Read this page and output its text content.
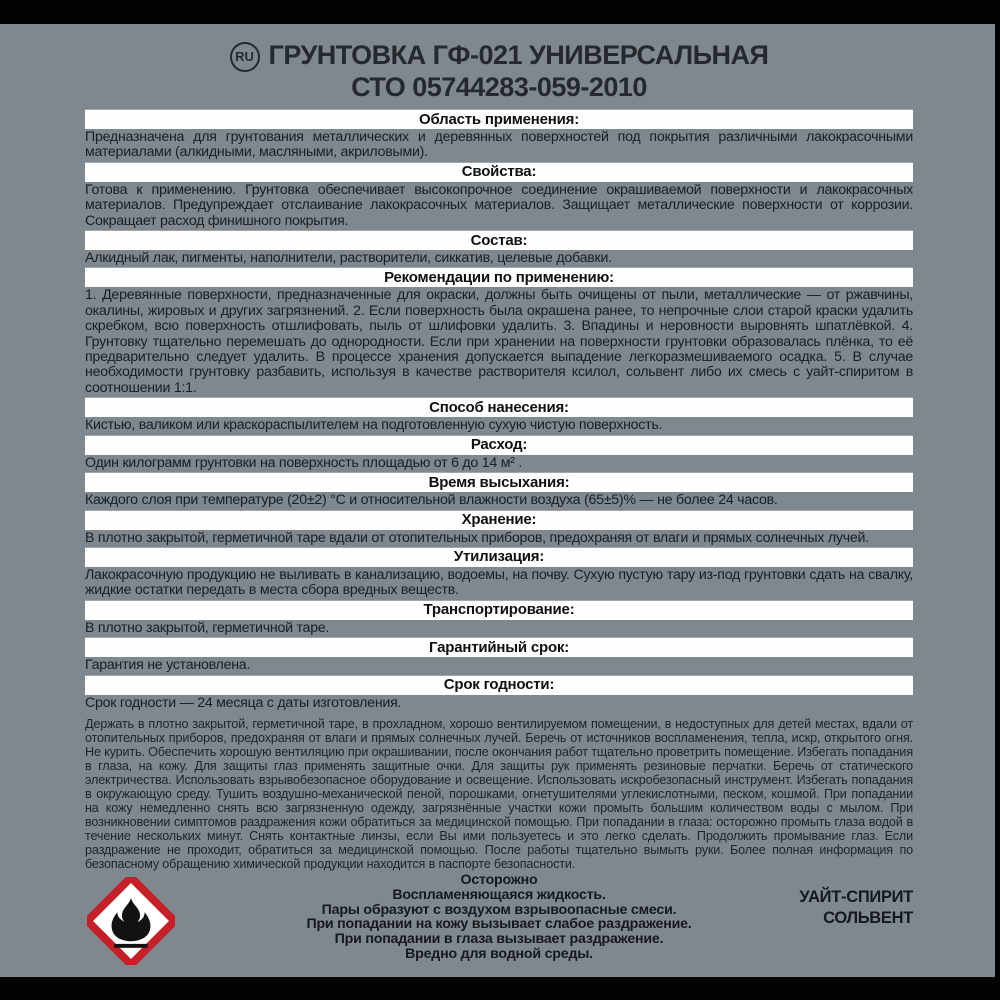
RU ГРУНТОВКА ГФ-021 УНИВЕРСАЛЬНАЯ
СТО 05744283-059-2010
Область применения:
Предназначена для грунтования металлических и деревянных поверхностей под покрытия различными лакокрасочными материалами (алкидными, масляными, акриловыми).
Свойства:
Готова к применению. Грунтовка обеспечивает высокопрочное соединение окрашиваемой поверхности и лакокрасочных материалов. Предупреждает отслаивание лакокрасочных материалов. Защищает металлические поверхности от коррозии. Сокращает расход финишного покрытия.
Состав:
Алкидный лак, пигменты, наполнители, растворители, сиккатив, целевые добавки.
Рекомендации по применению:
1. Деревянные поверхности, предназначенные для окраски, должны быть очищены от пыли, металлические — от ржавчины, окалины, жировых и других загрязнений. 2. Если поверхность была окрашена ранее, то непрочные слои старой краски удалить скребком, всю поверхность отшлифовать, пыль от шлифовки удалить. 3. Впадины и неровности выровнять шпатлёвкой. 4. Грунтовку тщательно перемешать до однородности. Если при хранении на поверхности грунтовки образовалась плёнка, то её предварительно следует удалить. В процессе хранения допускается выпадение легкоразмешиваемого осадка. 5. В случае необходимости грунтовку разбавить, используя в качестве растворителя ксилол, сольвент либо их смесь с уайт-спиритом в соотношении 1:1.
Способ нанесения:
Кистью, валиком или краскораспылителем на подготовленную сухую чистую поверхность.
Расход:
Один килограмм грунтовки на поверхность площадью от 6 до 14 м² .
Время высыхания:
Каждого слоя при температуре (20±2) °С и относительной влажности воздуха (65±5)% — не более 24 часов.
Хранение:
В плотно закрытой, герметичной таре вдали от отопительных приборов, предохраняя от влаги и прямых солнечных лучей.
Утилизация:
Лакокрасочную продукцию не выливать в канализацию, водоемы, на почву. Сухую пустую тару из-под грунтовки сдать на свалку, жидкие остатки передать в места сбора вредных веществ.
Транспортирование:
В плотно закрытой, герметичной таре.
Гарантийный срок:
Гарантия не установлена.
Срок годности:
Срок годности — 24 месяца с даты изготовления.
Держать в плотно закрытой, герметичной таре, в прохладном, хорошо вентилируемом помещении, в недоступных для детей местах, вдали от отопительных приборов, предохраняя от влаги и прямых солнечных лучей. Беречь от источников воспламенения, тепла, искр, открытого огня. Не курить. Обеспечить хорошую вентиляцию при окрашивании, после окончания работ тщательно проветрить помещение. Избегать попадания в глаза, на кожу. Для защиты глаз применять защитные очки. Для защиты рук применять резиновые перчатки. Беречь от статического электричества. Использовать взрывобезопасное оборудование и освещение. Использовать искробезопасный инструмент. Избегать попадания в окружающую среду. Тушить воздушно-механической пеной, порошками, огнетушителями углекислотными, песком, кошмой. При попадании на кожу немедленно снять всю загрязненную одежду, загрязнённые участки кожи промыть большим количеством воды с мылом. При возникновении симптомов раздражения кожи обратиться за медицинской помощью. При попадании в глаза: осторожно промыть глаза водой в течение нескольких минут. Снять контактные линзы, если Вы ими пользуетесь и это легко сделать. Продолжить промывание глаз. Если раздражение не проходит, обратиться за медицинской помощью. После работы тщательно вымыть руки. Более полная информация по безопасному обращению химической продукции находится в паспорте безопасности.
Осторожно
Воспламеняющаяся жидкость.
Пары образуют с воздухом взрывоопасные смеси.
При попадании на кожу вызывает слабое раздражение.
При попадании в глаза вызывает раздражение.
Вредно для водной среды.
УАЙТ-СПИРИТ
СОЛЬВЕНТ
